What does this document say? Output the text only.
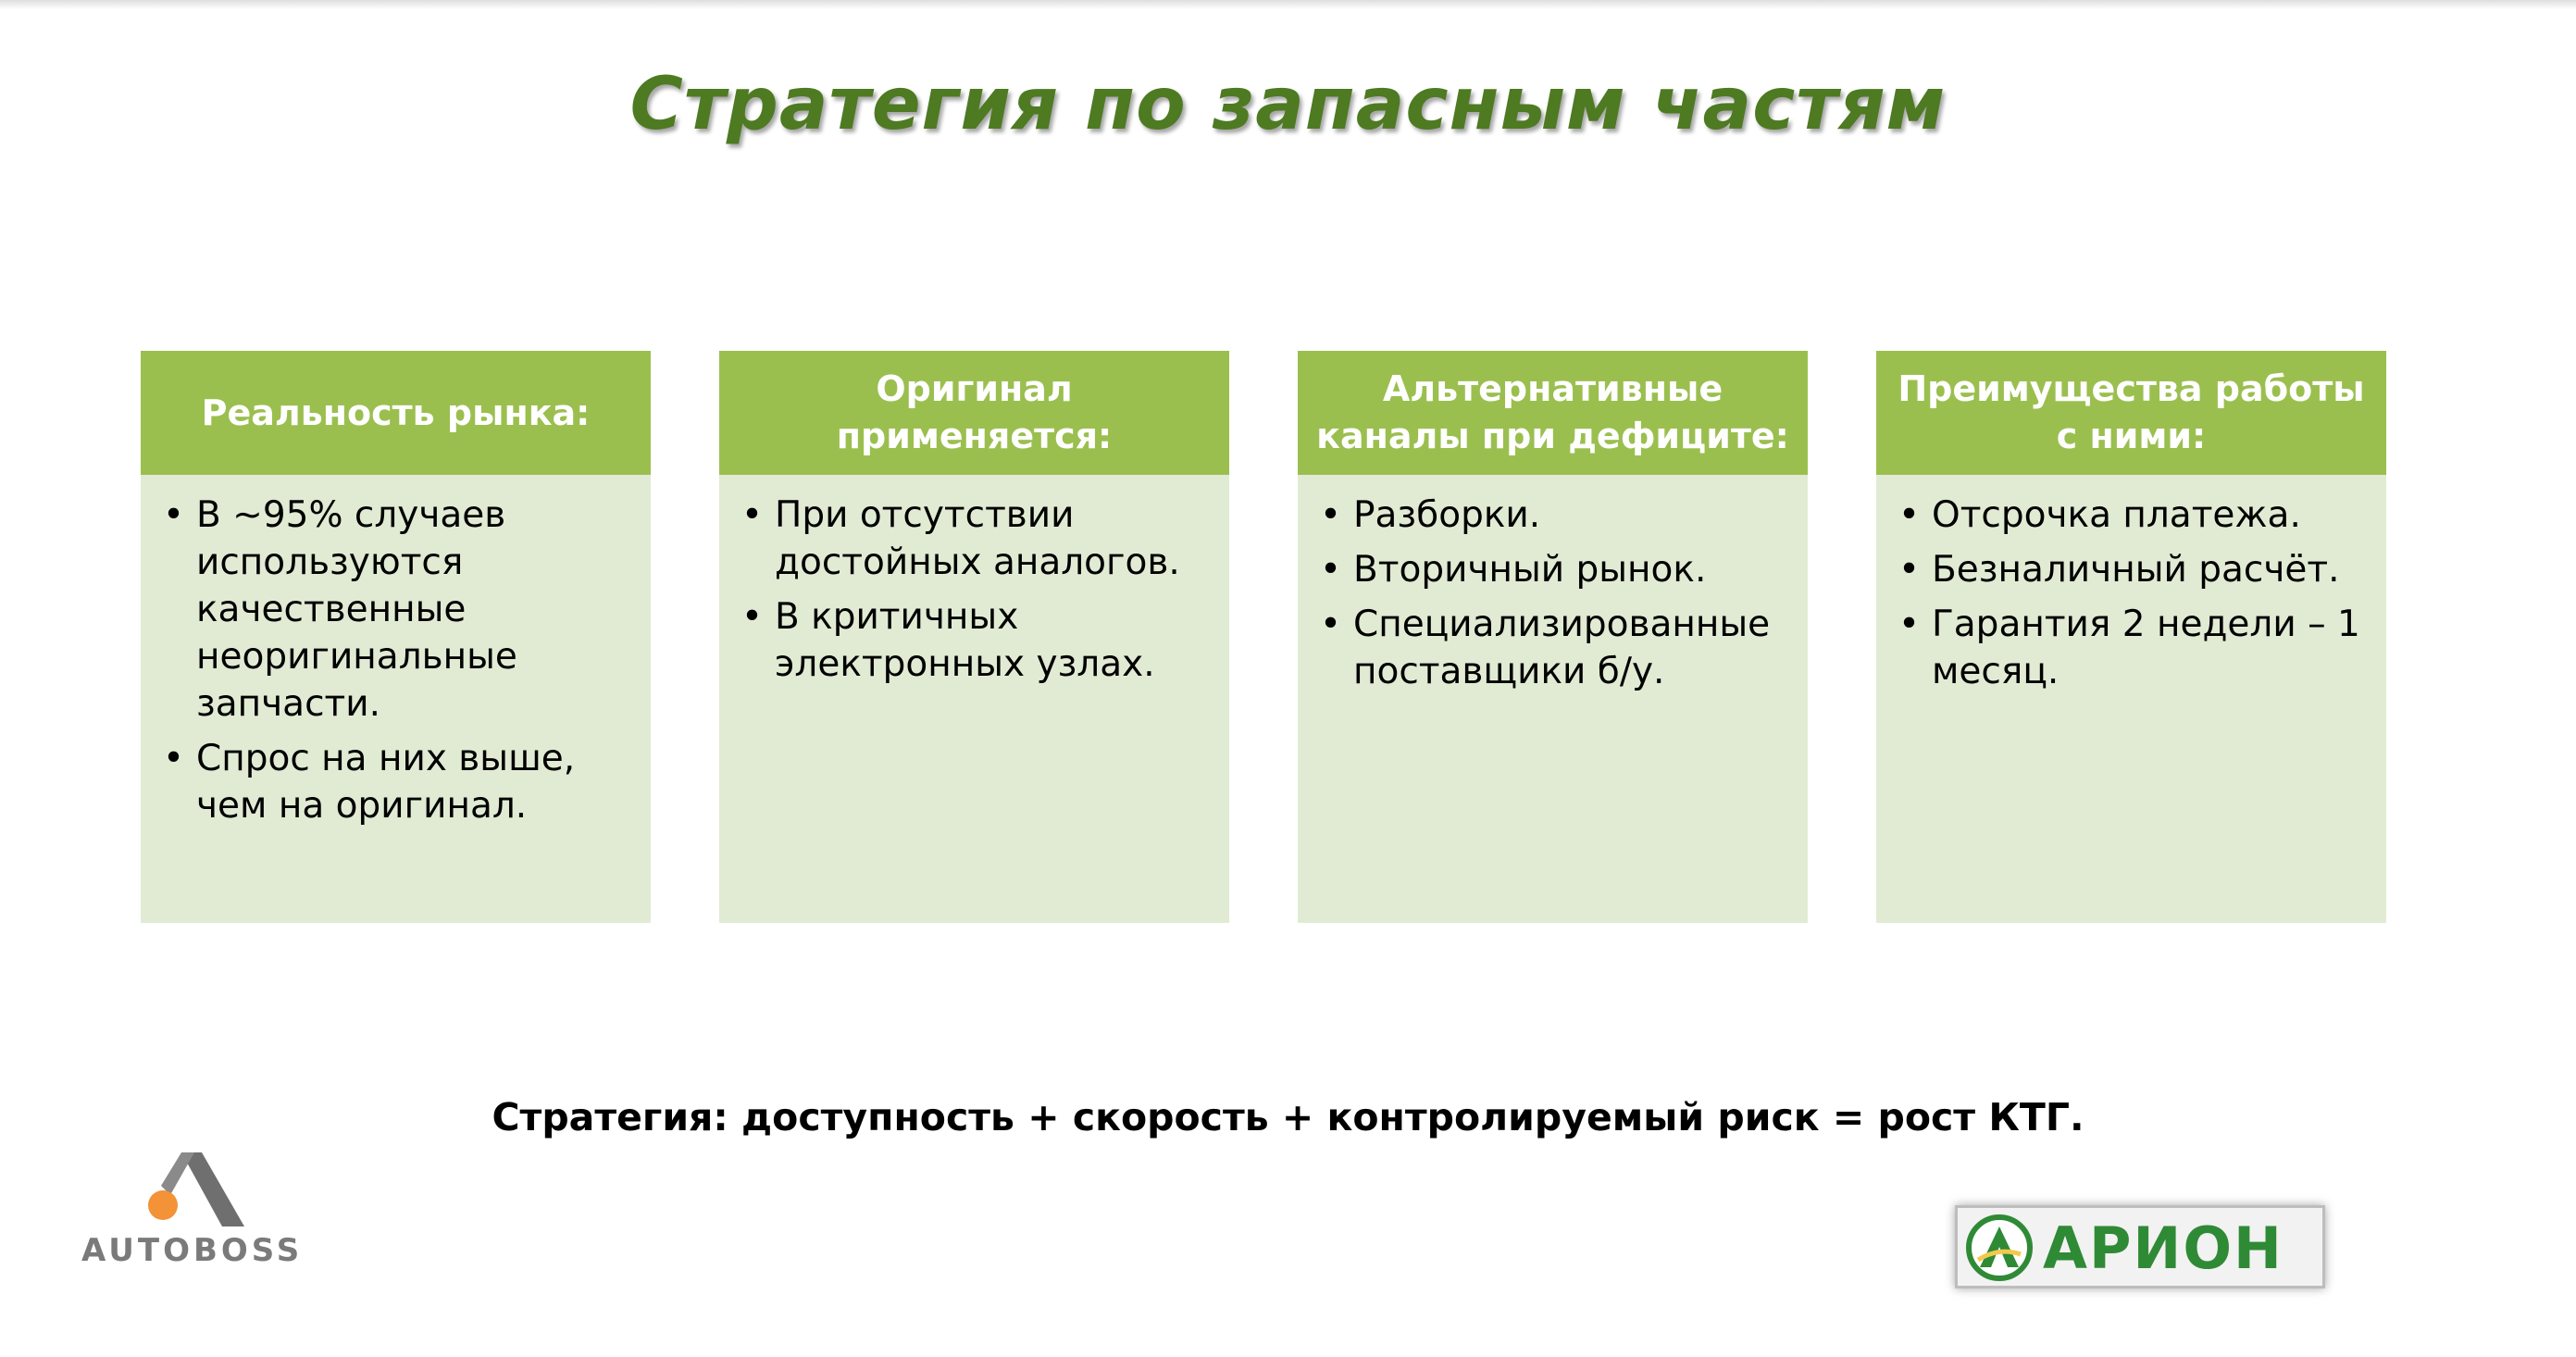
Стратегия по запасным частям
Реальность рынка:
• В ~95% случаев используются качественные неоригинальные запчасти.
• Спрос на них выше, чем на оригинал.
Оригинал применяется:
• При отсутствии достойных аналогов.
• В критичных электронных узлах.
Альтернативные каналы при дефиците:
• Разборки.
• Вторичный рынок.
• Специализированные поставщики б/у.
Преимущества работы с ними:
• Отсрочка платежа.
• Безналичный расчёт.
• Гарантия 2 недели – 1 месяц.
Стратегия: доступность + скорость + контролируемый риск = рост КТГ.
AUTOBOSS	АРИОН
